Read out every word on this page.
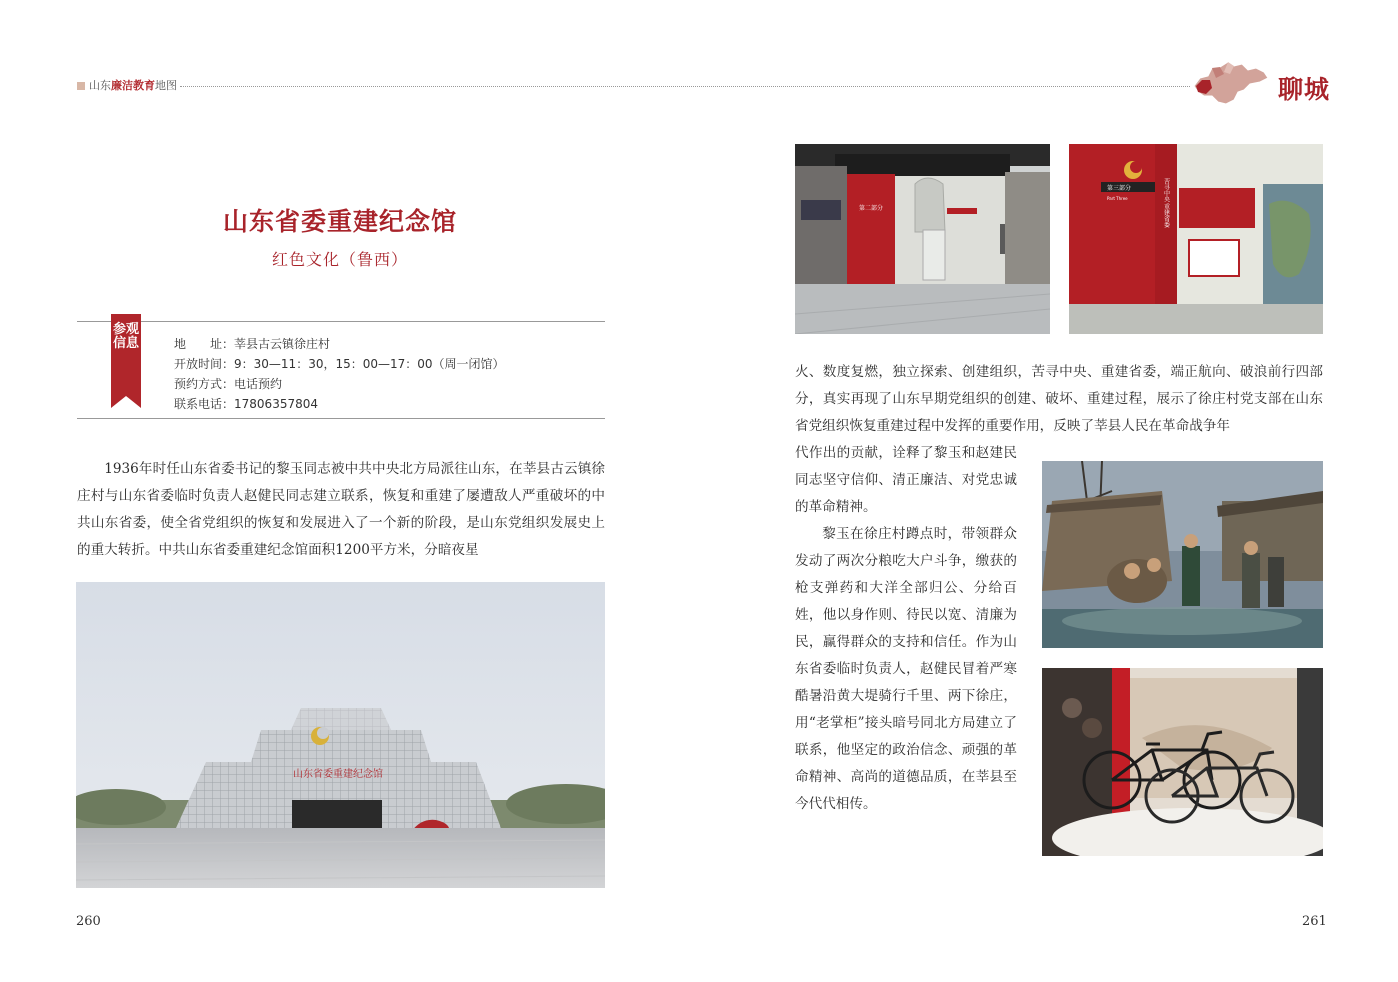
山东廉洁教育地图	聊城
山东省委重建纪念馆
红色文化（鲁西）
参观信息	地　　址：莘县古云镇徐庄村
开放时间：9：30—11：30，15：00—17：00（周一闭馆）
预约方式：电话预约
联系电话：17806357804
1936年时任山东省委书记的黎玉同志被中共中央北方局派往山东，在莘县古云镇徐庄村与山东省委临时负责人赵健民同志建立联系，恢复和重建了屡遭敌人严重破坏的中共山东省委，使全省党组织的恢复和发展进入了一个新的阶段，是山东党组织发展史上的重大转折。中共山东省委重建纪念馆面积1200平方米，分暗夜星
山东省委重建纪念馆
260
第二部分
第三部分
Part Three	苦寻中央 重建省委
火、数度复燃，独立探索、创建组织，苦寻中央、重建省委，端正航向、破浪前行四部分，真实再现了山东早期党组织的创建、破坏、重建过程，展示了徐庄村党支部在山东省党组织恢复重建过程中发挥的重要作用，反映了莘县人民在革命战争年

代作出的贡献，诠释了黎玉和赵建民同志坚守信仰、清正廉洁、对党忠诚的革命精神。

黎玉在徐庄村蹲点时，带领群众发动了两次分粮吃大户斗争，缴获的枪支弹药和大洋全部归公、分给百姓，他以身作则、待民以宽、清廉为民，赢得群众的支持和信任。作为山东省委临时负责人，赵健民冒着严寒酷暑沿黄大堤骑行千里、两下徐庄，用“老掌柜”接头暗号同北方局建立了联系，他坚定的政治信念、顽强的革命精神、高尚的道德品质，在莘县至今代代相传。

261
